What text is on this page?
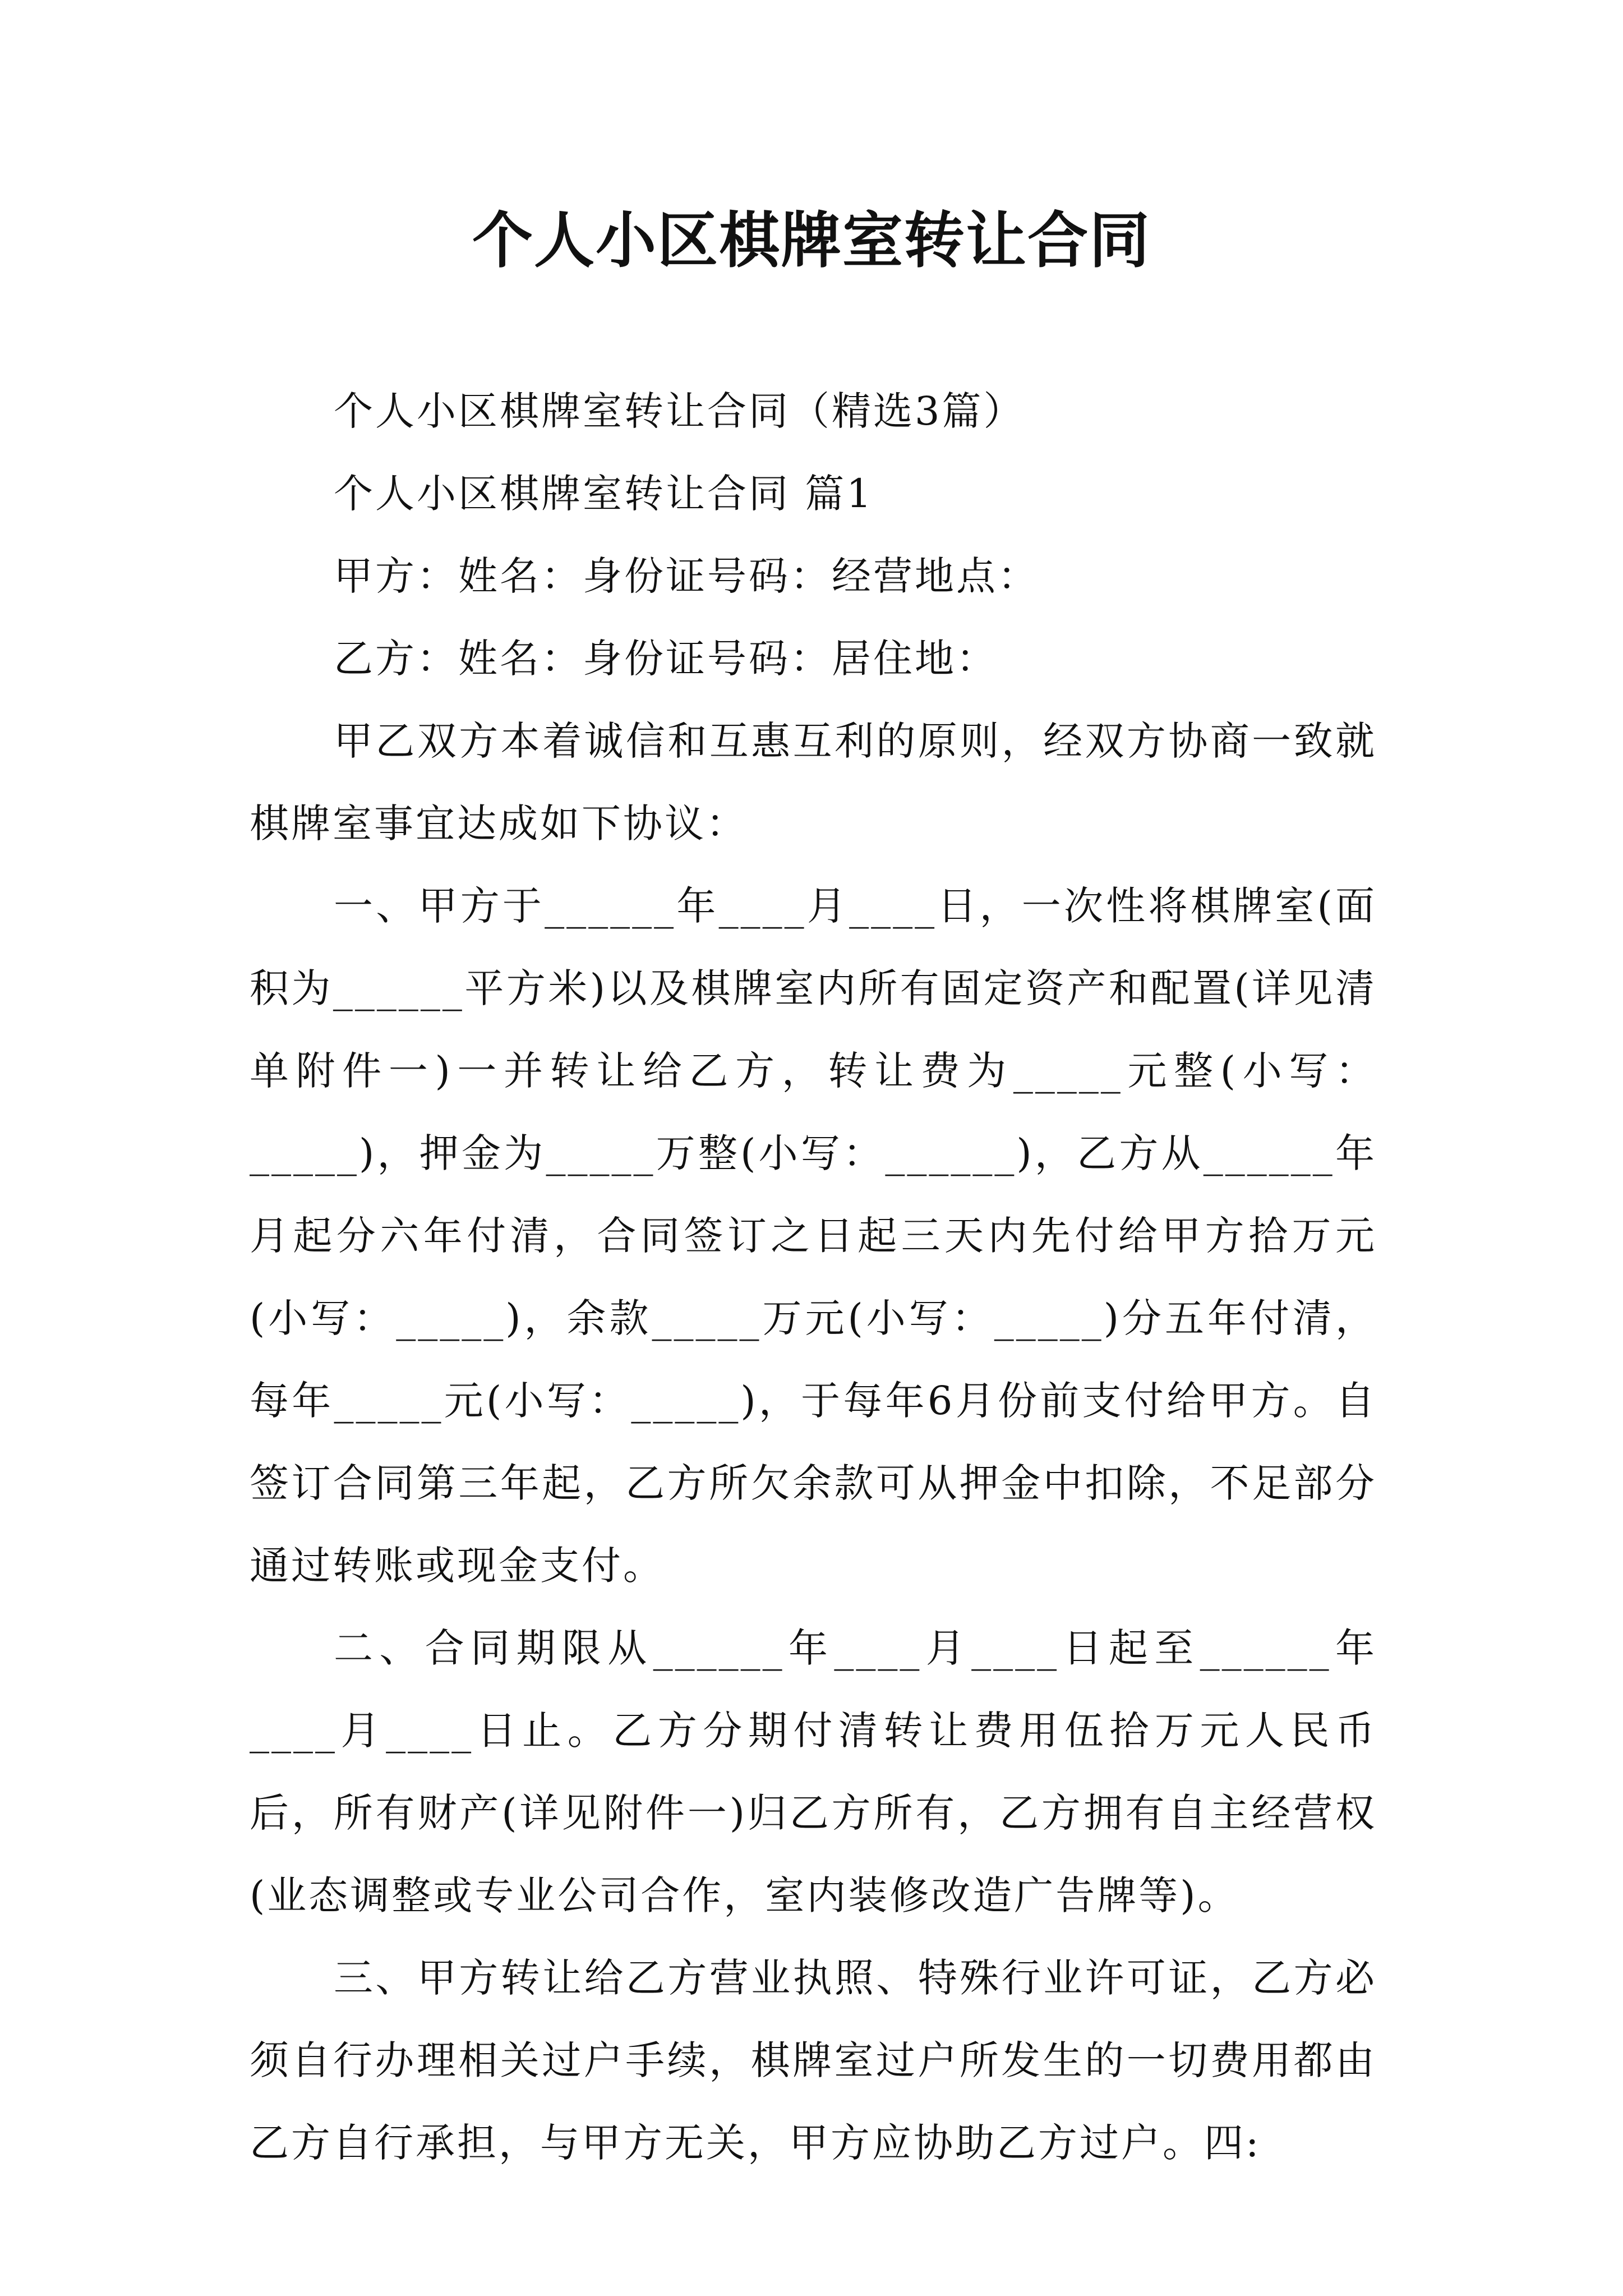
个人小区棋牌室转让合同

个人小区棋牌室转让合同（精选3篇）

个人小区棋牌室转让合同 篇1

甲方：姓名：身份证号码：经营地点：

乙方：姓名：身份证号码：居住地：

甲乙双方本着诚信和互惠互利的原则，经双方协商一致就棋牌室事宜达成如下协议：

一、甲方于______年____月____日，一次性将棋牌室(面积为______平方米)以及棋牌室内所有固定资产和配置(详见清单附件一)一并转让给乙方，转让费为_____元整(小写：_____)，押金为_____万整(小写：______)，乙方从______年月起分六年付清，合同签订之日起三天内先付给甲方拾万元(小写：_____)，余款_____万元(小写：_____)分五年付清，每年_____元(小写：_____)，于每年6月份前支付给甲方。自签订合同第三年起，乙方所欠余款可从押金中扣除，不足部分通过转账或现金支付。

二、合同期限从______年____月____日起至______年____月____日止。乙方分期付清转让费用伍拾万元人民币后，所有财产(详见附件一)归乙方所有，乙方拥有自主经营权(业态调整或专业公司合作，室内装修改造广告牌等)。

三、甲方转让给乙方营业执照、特殊行业许可证，乙方必须自行办理相关过户手续，棋牌室过户所发生的一切费用都由乙方自行承担，与甲方无关，甲方应协助乙方过户。四:
